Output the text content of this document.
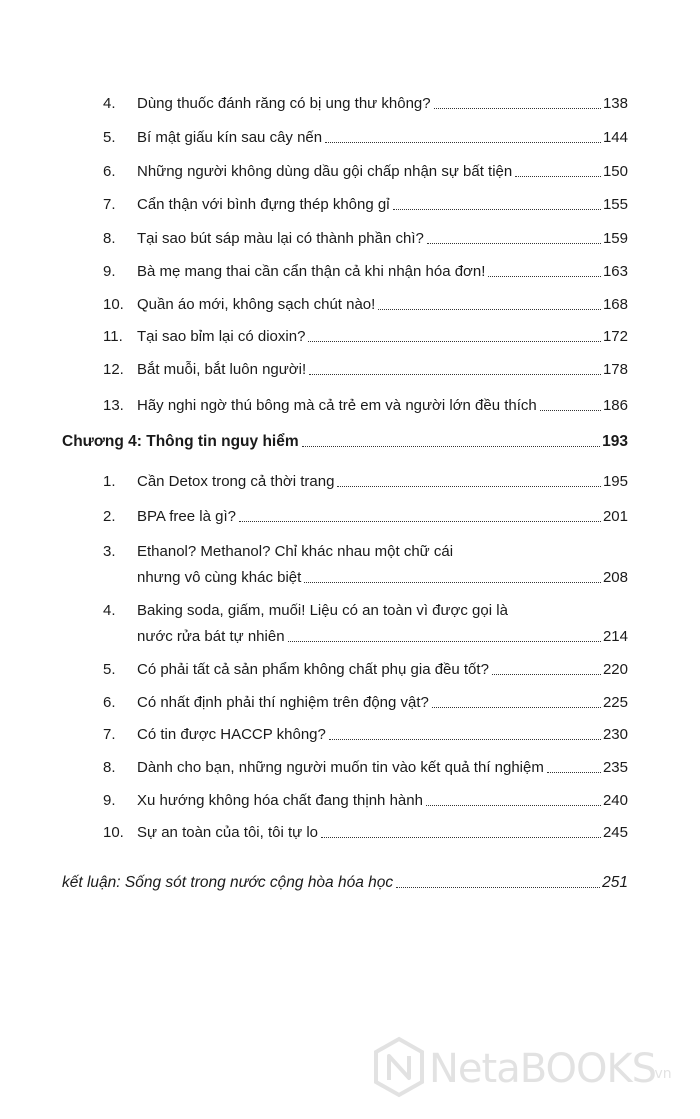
4.	Dùng thuốc đánh răng có bị ung thư không?	138
5.	Bí mật giấu kín sau cây nến	144
6.	Những người không dùng dầu gội chấp nhận sự bất tiện	150
7.	Cẩn thận với bình đựng thép không gỉ	155
8.	Tại sao bút sáp màu lại có thành phần chì?	159
9.	Bà mẹ mang thai cần cẩn thận cả khi nhận hóa đơn!	163
10. Quần áo mới, không sạch chút nào!	168
11. Tại sao bỉm lại có dioxin?	172
12. Bắt muỗi, bắt luôn người!	178
13. Hãy nghi ngờ thú bông mà cả trẻ em và người lớn đều thích	186
Chương 4: Thông tin nguy hiểm	193
1.	Cần Detox trong cả thời trang	195
2.	BPA free là gì?	201
3.	Ethanol? Methanol? Chỉ khác nhau một chữ cái
nhưng vô cùng khác biệt	208
4.	Baking soda, giấm, muối! Liệu có an toàn vì được gọi là
nước rửa bát tự nhiên	214
5.	Có phải tất cả sản phẩm không chất phụ gia đều tốt?	220
6.	Có nhất định phải thí nghiệm trên động vật?	225
7.	Có tin được HACCP không?	230
8.	Dành cho bạn, những người muốn tin vào kết quả thí nghiệm	235
9.	Xu hướng không hóa chất đang thịnh hành	240
10. Sự an toàn của tôi, tôi tự lo	245
kết luận: Sống sót trong nước cộng hòa hóa học	251
NetaBOOKS
.vn
